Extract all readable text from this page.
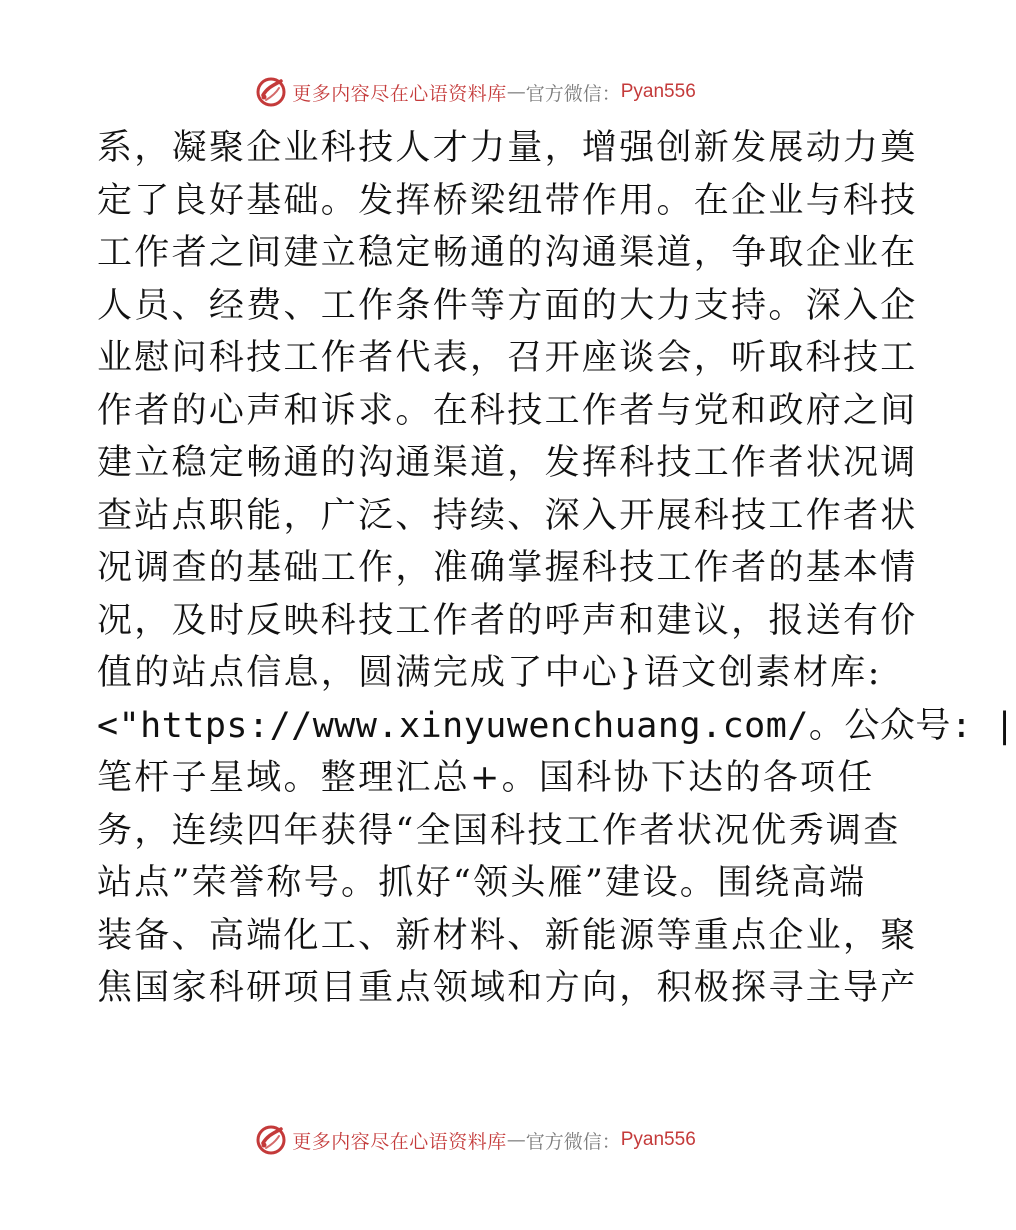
更多内容尽在心语资料库 — 官方微信： Pyan556
系，凝聚企业科技人才力量，增强创新发展动力奠
定了良好基础。发挥桥梁纽带作用。在企业与科技
工作者之间建立稳定畅通的沟通渠道，争取企业在
人员、经费、工作条件等方面的大力支持。深入企
业慰问科技工作者代表，召开座谈会，听取科技工
作者的心声和诉求。在科技工作者与党和政府之间
建立稳定畅通的沟通渠道，发挥科技工作者状况调
查站点职能，广泛、持续、深入开展科技工作者状
况调查的基础工作，准确掌握科技工作者的基本情
况，及时反映科技工作者的呼声和建议，报送有价
值的站点信息，圆满完成了中心}语文创素材库:
<"https://www.xinyuwenchuang.com/。公众号: |
笔杆子星域。整理汇总+。国科协下达的各项任
务，连续四年获得“全国科技工作者状况优秀调查
站点”荣誉称号。抓好“领头雁”建设。围绕高端
装备、高端化工、新材料、新能源等重点企业，聚
焦国家科研项目重点领域和方向，积极探寻主导产
更多内容尽在心语资料库 — 官方微信： Pyan556
